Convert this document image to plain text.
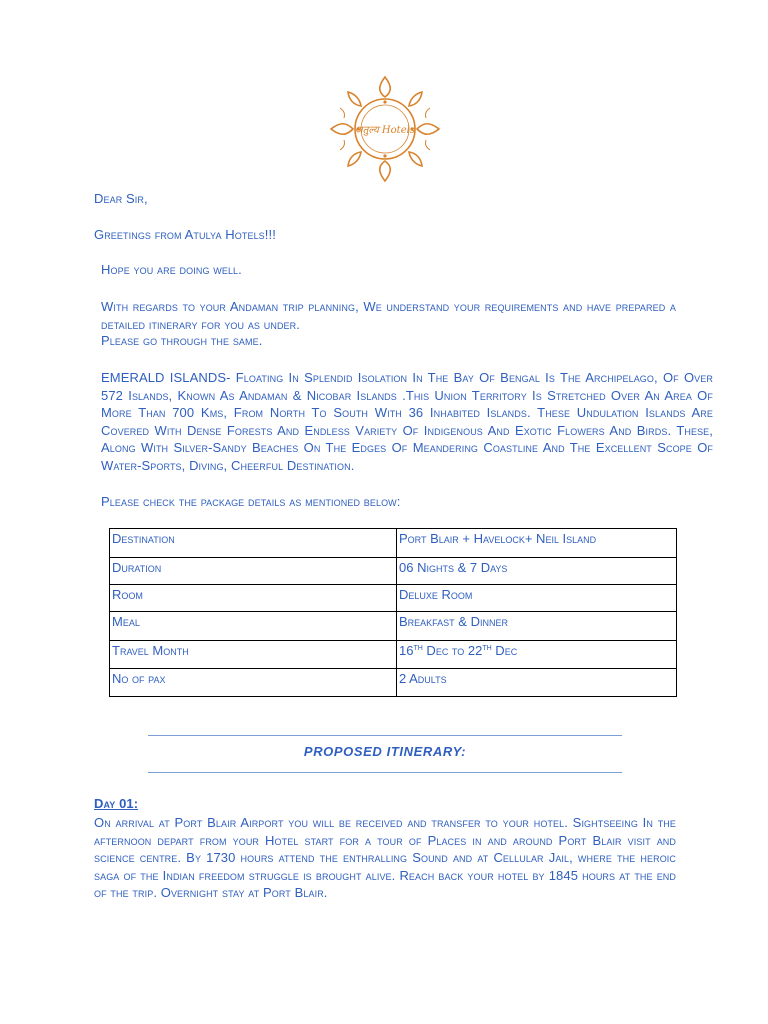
अतुल्य Hotels
Dear Sir,
Greetings from Atulya Hotels!!!
Hope you are doing well.
With regards to your Andaman trip planning, We understand your requirements and have prepared a detailed itinerary for you as under.
Please go through the same.
EMERALD ISLANDS- Floating In Splendid Isolation In The Bay Of Bengal Is The Archipelago, Of Over 572 Islands, Known As Andaman & Nicobar Islands .This Union Territory Is Stretched Over An Area Of More Than 700 Kms, From North To South With 36 Inhabited Islands. These Undulation Islands Are Covered With Dense Forests And Endless Variety Of Indigenous And Exotic Flowers And Birds. These, Along With Silver-Sandy Beaches On The Edges Of Meandering Coastline And The Excellent Scope Of Water-Sports, Diving, Cheerful Destination.
Please check the package details as mentioned below:
Destination	Port Blair + Havelock+ Neil Island
Duration	06 Nights & 7 Days
Room	Deluxe Room
Meal	Breakfast & Dinner
Travel Month	16TH Dec to 22TH Dec
No of pax	2 Adults
PROPOSED ITINERARY:
Day 01:
On arrival at Port Blair Airport you will be received and transfer to your hotel. Sightseeing In the afternoon depart from your Hotel start for a tour of Places in and around Port Blair visit and science centre. By 1730 hours attend the enthralling Sound and at Cellular Jail, where the heroic saga of the Indian freedom struggle is brought alive. Reach back your hotel by 1845 hours at the end of the trip. Overnight stay at Port Blair.
